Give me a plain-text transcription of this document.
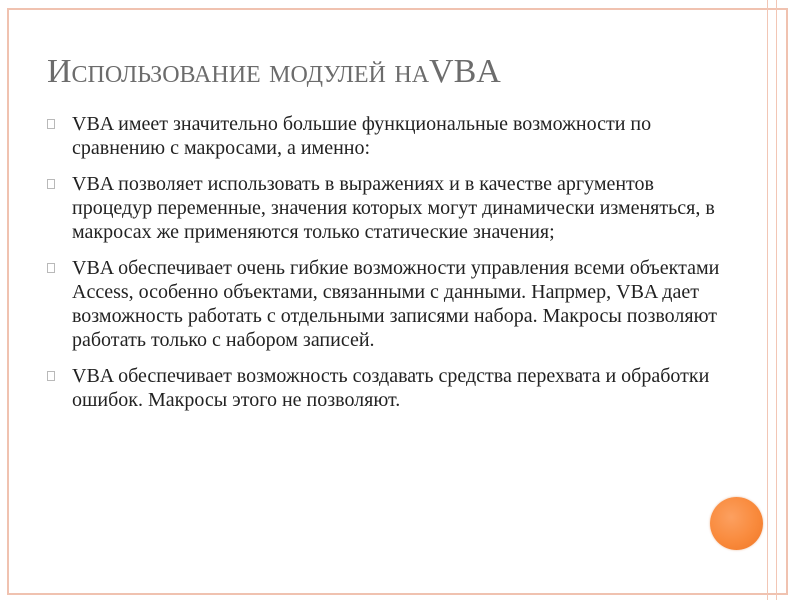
Использование модулей наVBA
VBA имеет значительно большие функциональные возможности по сравнению с макросами, а именно:
VBA позволяет использовать в выражениях и в качестве аргументов процедур переменные, значения которых могут динамически изменяться, в макросах же применяются только статические значения;
VBA обеспечивает очень гибкие возможности управления всеми объектами Access, особенно объектами, связанными с данными. Напрмер, VBA дает возможность работать с отдельными записями набора. Макросы позволяют работать только с набором записей.
VBA обеспечивает возможность создавать средства перехвата и обработки ошибок. Макросы этого не позволяют.
